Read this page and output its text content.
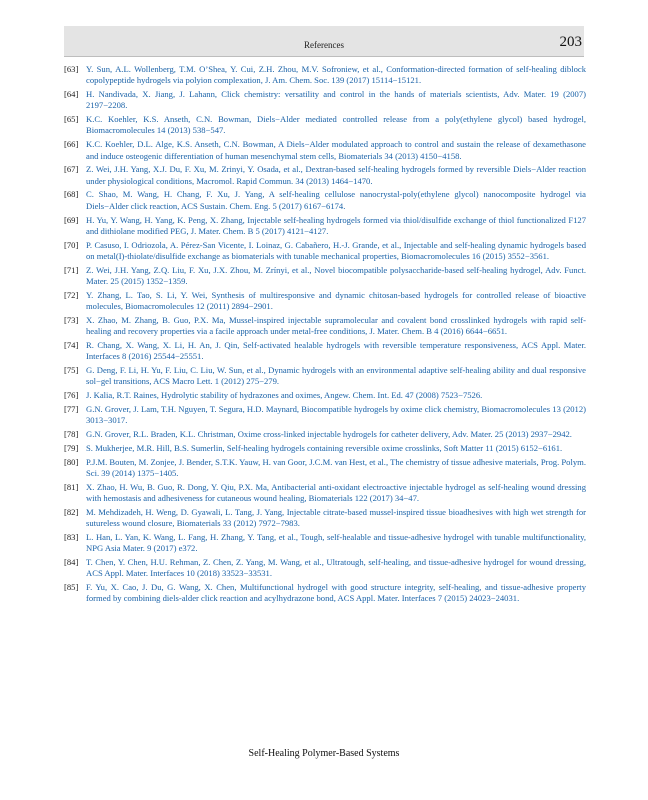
References	203
[63] Y. Sun, A.L. Wollenberg, T.M. O’Shea, Y. Cui, Z.H. Zhou, M.V. Sofroniew, et al., Conformation-directed formation of self-healing diblock copolypeptide hydrogels via polyion complexation, J. Am. Chem. Soc. 139 (2017) 15114−15121.
[64] H. Nandivada, X. Jiang, J. Lahann, Click chemistry: versatility and control in the hands of materials scientists, Adv. Mater. 19 (2007) 2197−2208.
[65] K.C. Koehler, K.S. Anseth, C.N. Bowman, Diels−Alder mediated controlled release from a poly(ethylene glycol) based hydrogel, Biomacromolecules 14 (2013) 538−547.
[66] K.C. Koehler, D.L. Alge, K.S. Anseth, C.N. Bowman, A Diels−Alder modulated approach to control and sustain the release of dexamethasone and induce osteogenic differentiation of human mesenchymal stem cells, Biomaterials 34 (2013) 4150−4158.
[67] Z. Wei, J.H. Yang, X.J. Du, F. Xu, M. Zrinyi, Y. Osada, et al., Dextran-based self-healing hydrogels formed by reversible Diels−Alder reaction under physiological conditions, Macromol. Rapid Commun. 34 (2013) 1464−1470.
[68] C. Shao, M. Wang, H. Chang, F. Xu, J. Yang, A self-healing cellulose nanocrystal-poly(ethylene glycol) nanocomposite hydrogel via Diels−Alder click reaction, ACS Sustain. Chem. Eng. 5 (2017) 6167−6174.
[69] H. Yu, Y. Wang, H. Yang, K. Peng, X. Zhang, Injectable self-healing hydrogels formed via thiol/disulfide exchange of thiol functionalized F127 and dithiolane modified PEG, J. Mater. Chem. B 5 (2017) 4121−4127.
[70] P. Casuso, I. Odriozola, A. Pérez-San Vicente, I. Loinaz, G. Cabañero, H.-J. Grande, et al., Injectable and self-healing dynamic hydrogels based on metal(I)-thiolate/disulfide exchange as biomaterials with tunable mechanical properties, Biomacromolecules 16 (2015) 3552−3561.
[71] Z. Wei, J.H. Yang, Z.Q. Liu, F. Xu, J.X. Zhou, M. Zrínyi, et al., Novel biocompatible polysaccharide-based self-healing hydrogel, Adv. Funct. Mater. 25 (2015) 1352−1359.
[72] Y. Zhang, L. Tao, S. Li, Y. Wei, Synthesis of multiresponsive and dynamic chitosan-based hydrogels for controlled release of bioactive molecules, Biomacromolecules 12 (2011) 2894−2901.
[73] X. Zhao, M. Zhang, B. Guo, P.X. Ma, Mussel-inspired injectable supramolecular and covalent bond crosslinked hydrogels with rapid self-healing and recovery properties via a facile approach under metal-free conditions, J. Mater. Chem. B 4 (2016) 6644−6651.
[74] R. Chang, X. Wang, X. Li, H. An, J. Qin, Self-activated healable hydrogels with reversible temperature responsiveness, ACS Appl. Mater. Interfaces 8 (2016) 25544−25551.
[75] G. Deng, F. Li, H. Yu, F. Liu, C. Liu, W. Sun, et al., Dynamic hydrogels with an environmental adaptive self-healing ability and dual responsive sol−gel transitions, ACS Macro Lett. 1 (2012) 275−279.
[76] J. Kalia, R.T. Raines, Hydrolytic stability of hydrazones and oximes, Angew. Chem. Int. Ed. 47 (2008) 7523−7526.
[77] G.N. Grover, J. Lam, T.H. Nguyen, T. Segura, H.D. Maynard, Biocompatible hydrogels by oxime click chemistry, Biomacromolecules 13 (2012) 3013−3017.
[78] G.N. Grover, R.L. Braden, K.L. Christman, Oxime cross-linked injectable hydrogels for catheter delivery, Adv. Mater. 25 (2013) 2937−2942.
[79] S. Mukherjee, M.R. Hill, B.S. Sumerlin, Self-healing hydrogels containing reversible oxime crosslinks, Soft Matter 11 (2015) 6152−6161.
[80] P.J.M. Bouten, M. Zonjee, J. Bender, S.T.K. Yauw, H. van Goor, J.C.M. van Hest, et al., The chemistry of tissue adhesive materials, Prog. Polym. Sci. 39 (2014) 1375−1405.
[81] X. Zhao, H. Wu, B. Guo, R. Dong, Y. Qiu, P.X. Ma, Antibacterial anti-oxidant electroactive injectable hydrogel as self-healing wound dressing with hemostasis and adhesiveness for cutaneous wound healing, Biomaterials 122 (2017) 34−47.
[82] M. Mehdizadeh, H. Weng, D. Gyawali, L. Tang, J. Yang, Injectable citrate-based mussel-inspired tissue bioadhesives with high wet strength for sutureless wound closure, Biomaterials 33 (2012) 7972−7983.
[83] L. Han, L. Yan, K. Wang, L. Fang, H. Zhang, Y. Tang, et al., Tough, self-healable and tissue-adhesive hydrogel with tunable multifunctionality, NPG Asia Mater. 9 (2017) e372.
[84] T. Chen, Y. Chen, H.U. Rehman, Z. Chen, Z. Yang, M. Wang, et al., Ultratough, self-healing, and tissue-adhesive hydrogel for wound dressing, ACS Appl. Mater. Interfaces 10 (2018) 33523−33531.
[85] F. Yu, X. Cao, J. Du, G. Wang, X. Chen, Multifunctional hydrogel with good structure integrity, self-healing, and tissue-adhesive property formed by combining diels-alder click reaction and acylhydrazone bond, ACS Appl. Mater. Interfaces 7 (2015) 24023−24031.
Self-Healing Polymer-Based Systems
